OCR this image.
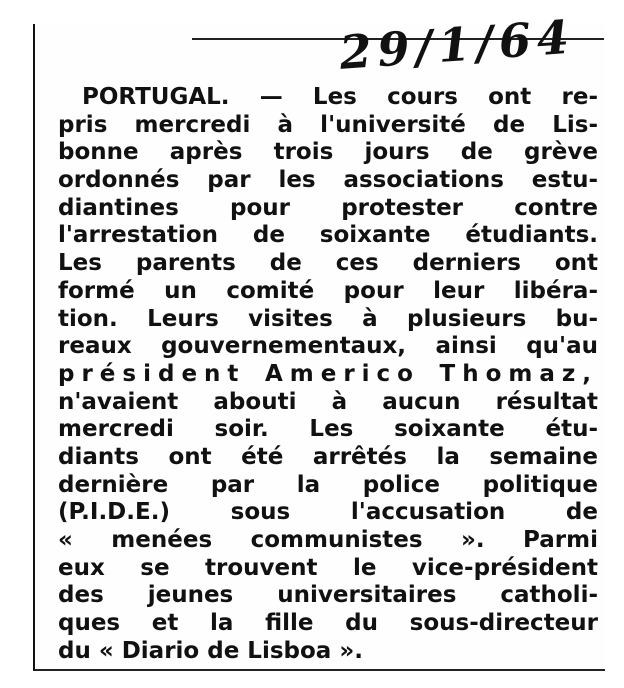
29/1/64
PORTUGAL. — Les cours ont re-
pris mercredi à l'université de Lis-
bonne après trois jours de grève
ordonnés par les associations estu-
diantines pour protester contre
l'arrestation de soixante étudiants.
Les parents de ces derniers ont
formé un comité pour leur libéra-
tion. Leurs visites à plusieurs bu-
reaux gouvernementaux, ainsi qu'au
président Americo Thomaz,
n'avaient abouti à aucun résultat
mercredi soir. Les soixante étu-
diants ont été arrêtés la semaine
dernière par la police politique
(P.I.D.E.) sous l'accusation de
« menées communistes ». Parmi
eux se trouvent le vice-président
des jeunes universitaires catholi-
ques et la fille du sous-directeur
du « Diario de Lisboa ».
